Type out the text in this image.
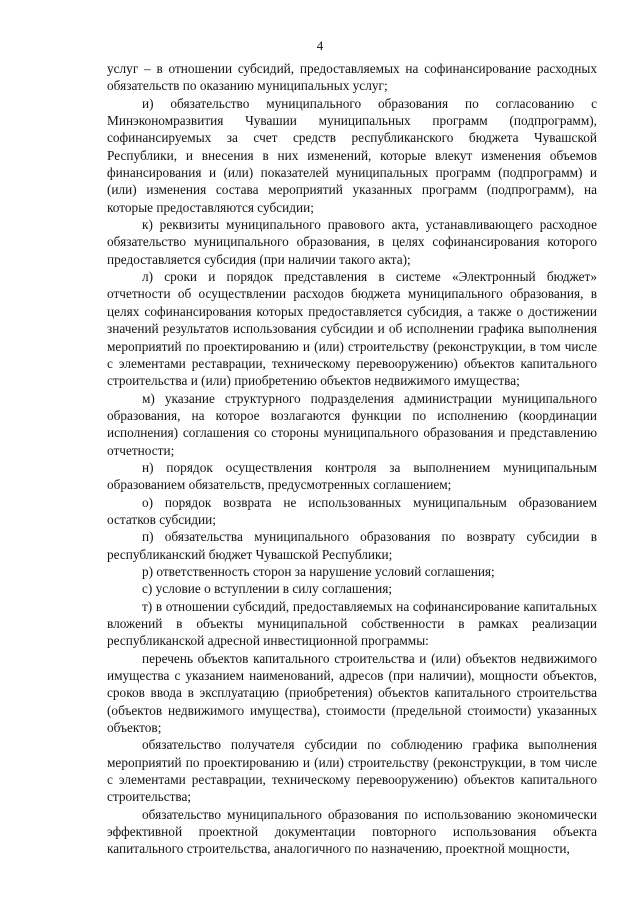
4

услуг – в отношении субсидий, предоставляемых на софинансирование расходных обязательств по оказанию муниципальных услуг;

и) обязательство муниципального образования по согласованию с Минэкономразвития Чувашии муниципальных программ (подпрограмм), софинансируемых за счет средств республиканского бюджета Чувашской Республики, и внесения в них изменений, которые влекут изменения объемов финансирования и (или) показателей муниципальных программ (подпрограмм) и (или) изменения состава мероприятий указанных программ (подпрограмм), на которые предоставляются субсидии;

к) реквизиты муниципального правового акта, устанавливающего расходное обязательство муниципального образования, в целях софинансирования которого предоставляется субсидия (при наличии такого акта);

л) сроки и порядок представления в системе «Электронный бюджет» отчетности об осуществлении расходов бюджета муниципального образования, в целях софинансирования которых предоставляется субсидия, а также о достижении значений результатов использования субсидии и об исполнении графика выполнения мероприятий по проектированию и (или) строительству (реконструкции, в том числе с элементами реставрации, техническому перевооружению) объектов капитального строительства и (или) приобретению объектов недвижимого имущества;

м) указание структурного подразделения администрации муниципального образования, на которое возлагаются функции по исполнению (координации исполнения) соглашения со стороны муниципального образования и представлению отчетности;

н) порядок осуществления контроля за выполнением муниципальным образованием обязательств, предусмотренных соглашением;

о) порядок возврата не использованных муниципальным образованием остатков субсидии;

п) обязательства муниципального образования по возврату субсидии в республиканский бюджет Чувашской Республики;

р) ответственность сторон за нарушение условий соглашения;

с) условие о вступлении в силу соглашения;

т) в отношении субсидий, предоставляемых на софинансирование капитальных вложений в объекты муниципальной собственности в рамках реализации республиканской адресной инвестиционной программы:

перечень объектов капитального строительства и (или) объектов недвижимого имущества с указанием наименований, адресов (при наличии), мощности объектов, сроков ввода в эксплуатацию (приобретения) объектов капитального строительства (объектов недвижимого имущества), стоимости (предельной стоимости) указанных объектов;

обязательство получателя субсидии по соблюдению графика выполнения мероприятий по проектированию и (или) строительству (реконструкции, в том числе с элементами реставрации, техническому перевооружению) объектов капитального строительства;

обязательство муниципального образования по использованию экономически эффективной проектной документации повторного использования объекта капитального строительства, аналогичного по назначению, проектной мощности,
